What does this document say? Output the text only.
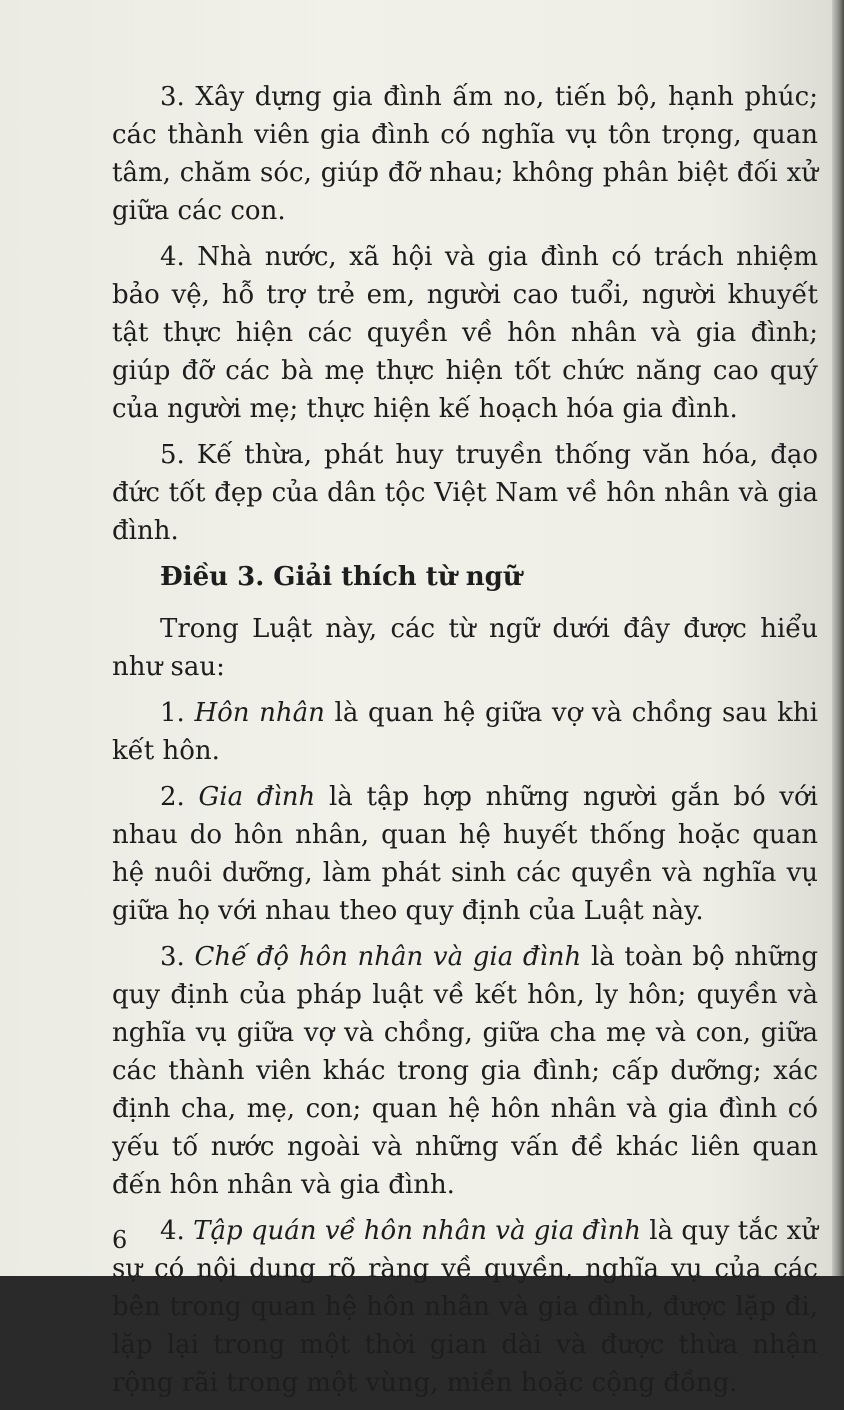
3. Xây dựng gia đình ấm no, tiến bộ, hạnh phúc; các thành viên gia đình có nghĩa vụ tôn trọng, quan tâm, chăm sóc, giúp đỡ nhau; không phân biệt đối xử giữa các con.

4. Nhà nước, xã hội và gia đình có trách nhiệm bảo vệ, hỗ trợ trẻ em, người cao tuổi, người khuyết tật thực hiện các quyền về hôn nhân và gia đình; giúp đỡ các bà mẹ thực hiện tốt chức năng cao quý của người mẹ; thực hiện kế hoạch hóa gia đình.

5. Kế thừa, phát huy truyền thống văn hóa, đạo đức tốt đẹp của dân tộc Việt Nam về hôn nhân và gia đình.

Điều 3. Giải thích từ ngữ

Trong Luật này, các từ ngữ dưới đây được hiểu như sau:

1. Hôn nhân là quan hệ giữa vợ và chồng sau khi kết hôn.

2. Gia đình là tập hợp những người gắn bó với nhau do hôn nhân, quan hệ huyết thống hoặc quan hệ nuôi dưỡng, làm phát sinh các quyền và nghĩa vụ giữa họ với nhau theo quy định của Luật này.

3. Chế độ hôn nhân và gia đình là toàn bộ những quy định của pháp luật về kết hôn, ly hôn; quyền và nghĩa vụ giữa vợ và chồng, giữa cha mẹ và con, giữa các thành viên khác trong gia đình; cấp dưỡng; xác định cha, mẹ, con; quan hệ hôn nhân và gia đình có yếu tố nước ngoài và những vấn đề khác liên quan đến hôn nhân và gia đình.

4. Tập quán về hôn nhân và gia đình là quy tắc xử sự có nội dung rõ ràng về quyền, nghĩa vụ của các bên trong quan hệ hôn nhân và gia đình, được lặp đi, lặp lại trong một thời gian dài và được thừa nhận rộng rãi trong một vùng, miền hoặc cộng đồng.

6
